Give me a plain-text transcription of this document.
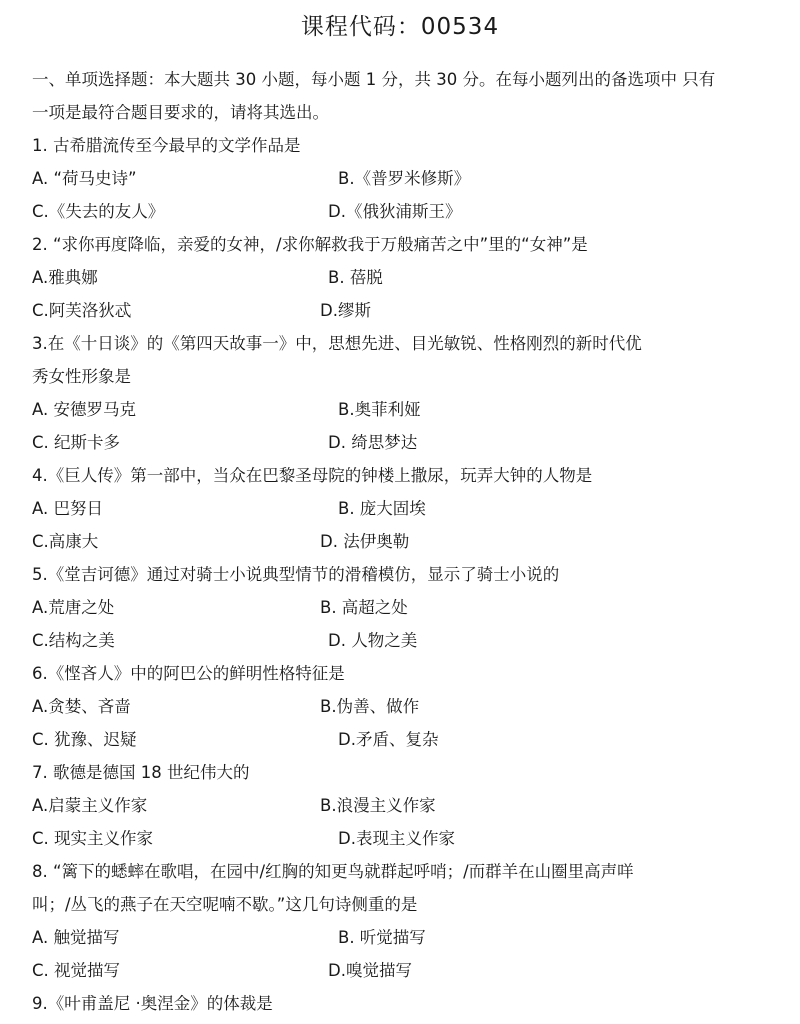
课程代码：00534
一、单项选择题：本大题共 30 小题，每小题 1 分，共 30 分。在每小题列出的备选项中 只有
一项是最符合题目要求的，请将其选出。
1. 古希腊流传至今最早的文学作品是
A. “荷马史诗”	B.《普罗米修斯》
C.《失去的友人》	D.《俄狄浦斯王》
2. “求你再度降临，亲爱的女神，/求你解救我于万般痛苦之中”里的“女神”是
A.雅典娜	B. 蓓脱
C.阿芙洛狄忒	D.缪斯
3.在《十日谈》的《第四天故事一》中，思想先进、目光敏锐、性格刚烈的新时代优
秀女性形象是
A. 安德罗马克	B.奥菲利娅
C. 纪斯卡多	D. 绮思梦达
4.《巨人传》第一部中，当众在巴黎圣母院的钟楼上撒尿，玩弄大钟的人物是
A. 巴努日	B. 庞大固埃
C.高康大	D. 法伊奥勒
5.《堂吉诃德》通过对骑士小说典型情节的滑稽模仿，显示了骑士小说的
A.荒唐之处	B. 高超之处
C.结构之美	D. 人物之美
6.《悭吝人》中的阿巴公的鲜明性格特征是
A.贪婪、吝啬	B.伪善、做作
C. 犹豫、迟疑	D.矛盾、复杂
7. 歌德是德国 18 世纪伟大的
A.启蒙主义作家	B.浪漫主义作家
C. 现实主义作家	D.表现主义作家
8. “篱下的蟋蟀在歌唱，在园中/红胸的知更鸟就群起呼哨；/而群羊在山圈里高声咩
叫；/丛飞的燕子在天空呢喃不歇。”这几句诗侧重的是
A. 触觉描写	B. 听觉描写
C. 视觉描写	D.嗅觉描写
9.《叶甫盖尼 ·奥涅金》的体裁是
